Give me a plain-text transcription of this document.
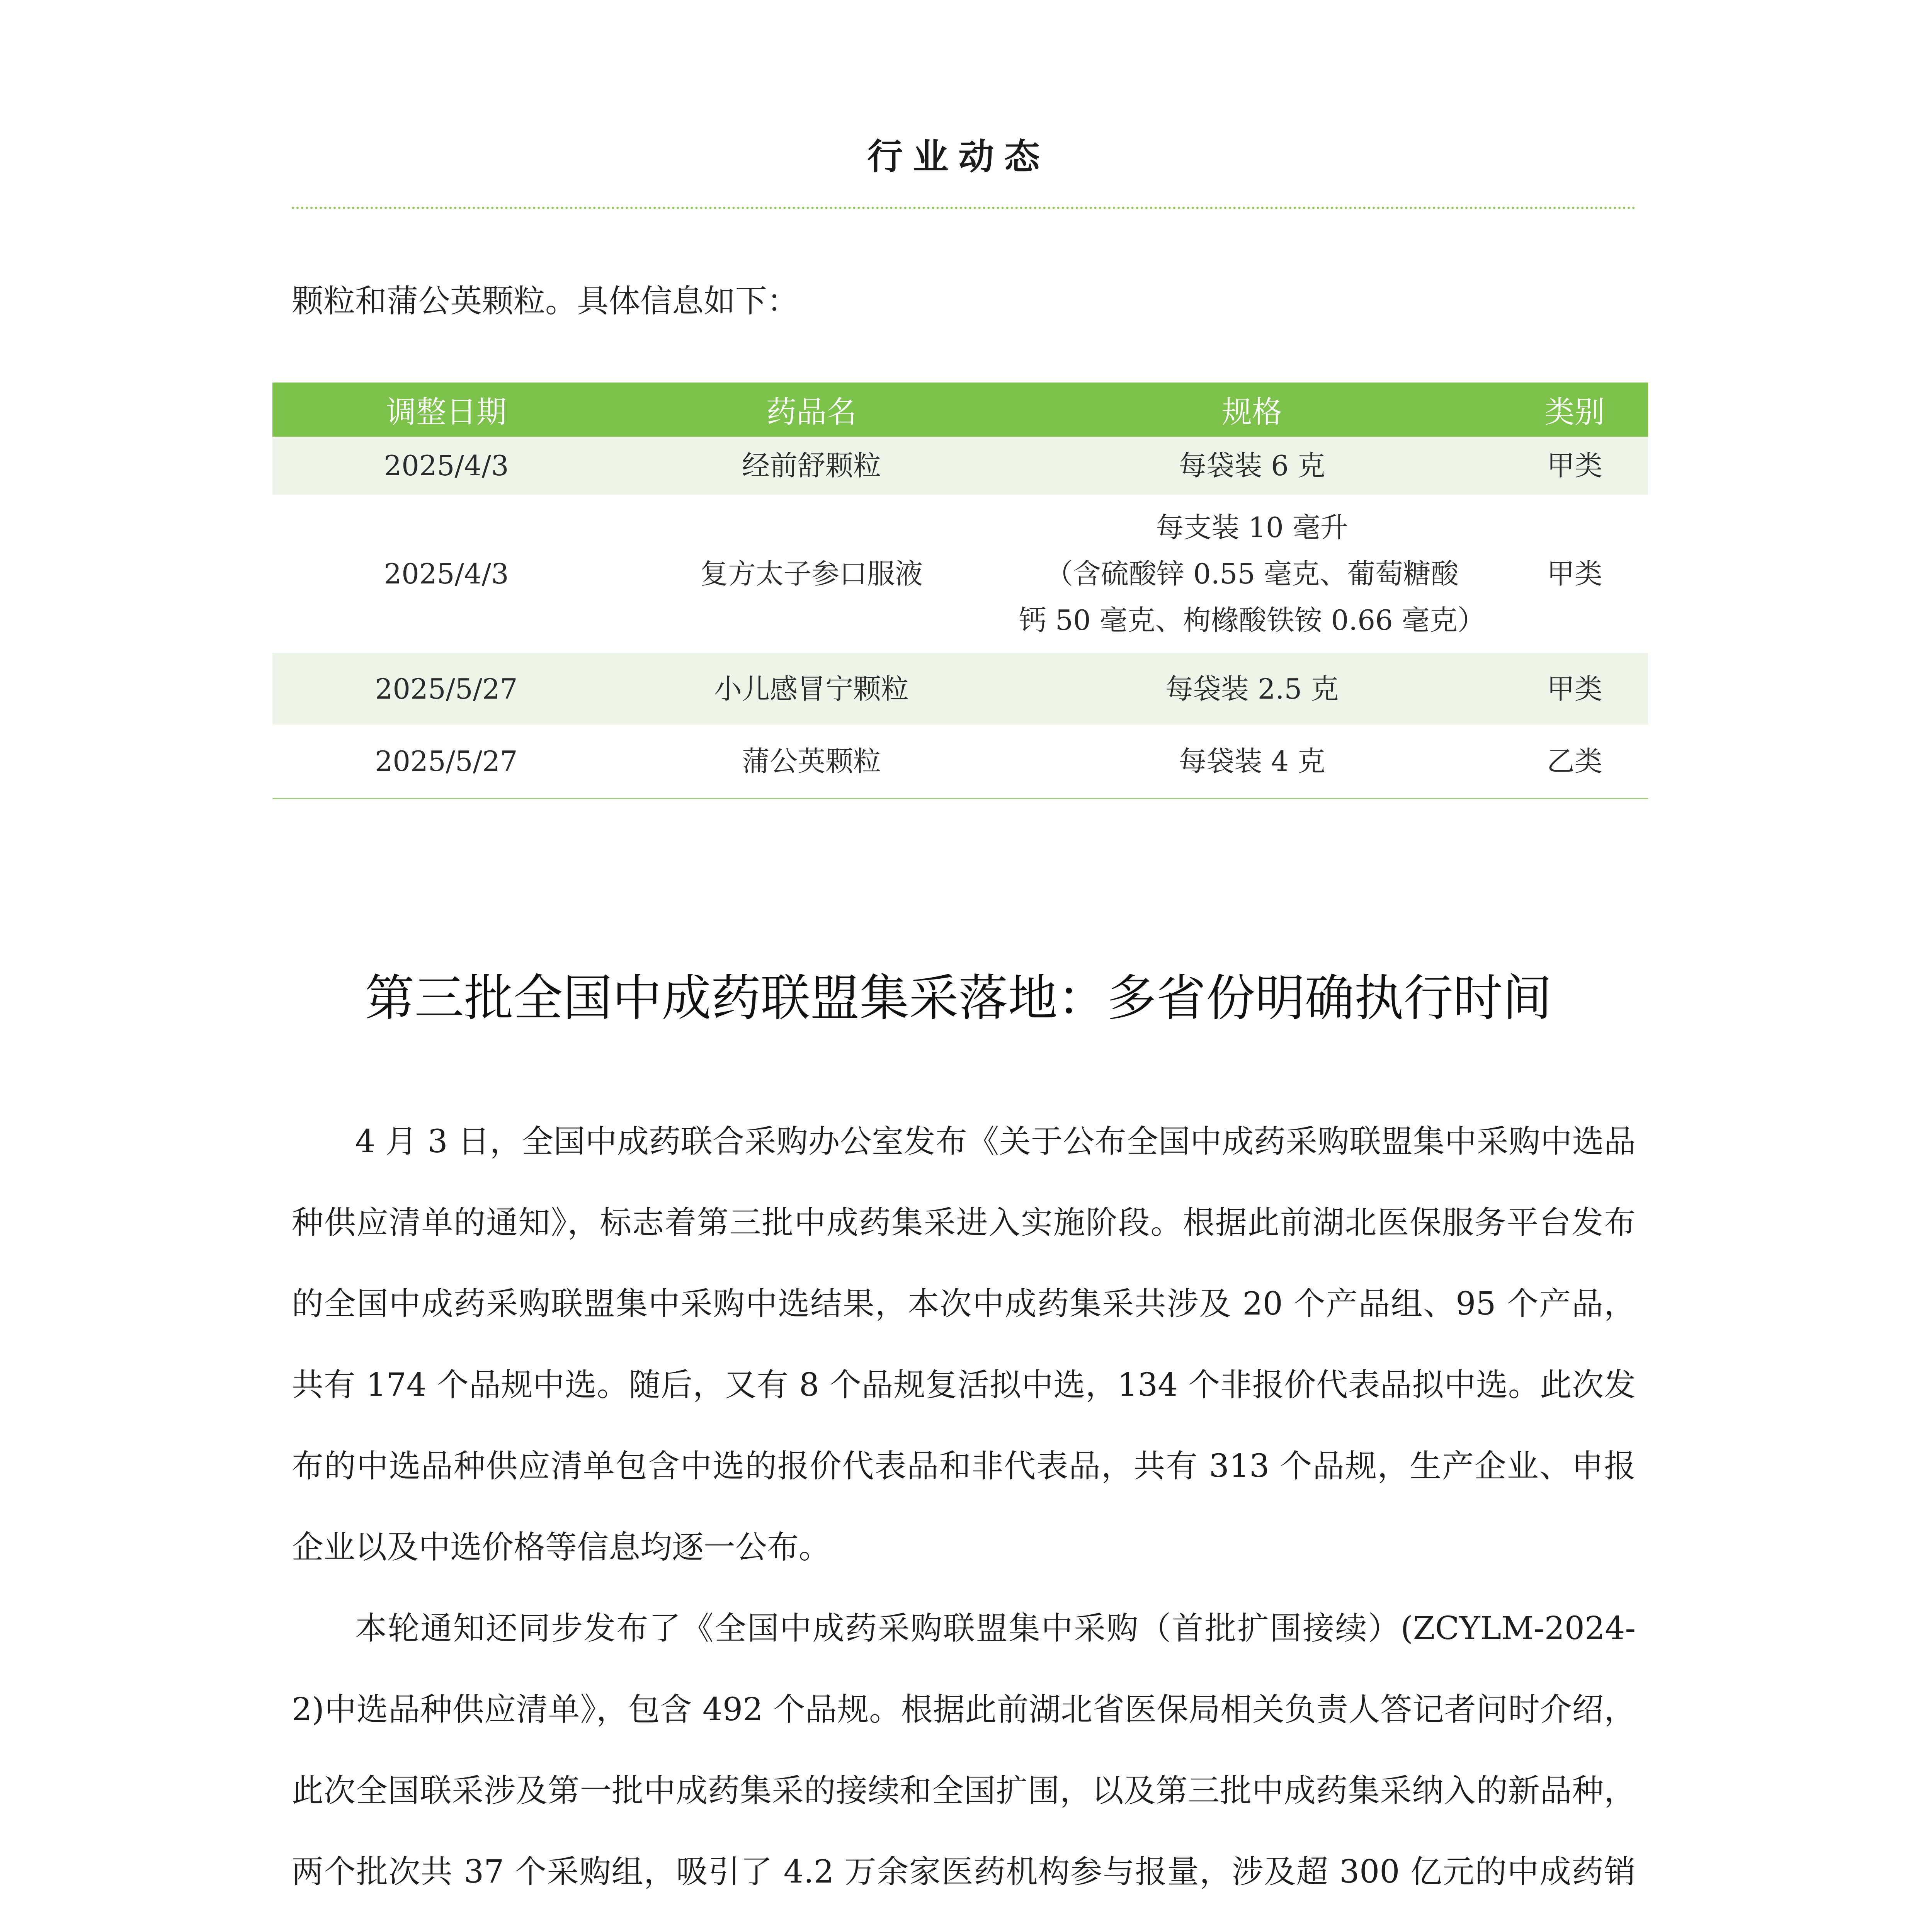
行业动态
颗粒和蒲公英颗粒。具体信息如下：
调整日期	药品名	规格	类别
2025/4/3	经前舒颗粒	每袋装 6 克	甲类
2025/4/3	复方太子参口服液	每支装 10 毫升
（含硫酸锌 0.55 毫克、葡萄糖酸
钙 50 毫克、枸橼酸铁铵 0.66 毫克）	甲类
2025/5/27	小儿感冒宁颗粒	每袋装 2.5 克	甲类
2025/5/27	蒲公英颗粒	每袋装 4 克	乙类
第三批全国中成药联盟集采落地：多省份明确执行时间

4 月 3 日，全国中成药联合采购办公室发布《关于公布全国中成药采购联盟集中采购中选品种供应清单的通知》，标志着第三批中成药集采进入实施阶段。根据此前湖北医保服务平台发布的全国中成药采购联盟集中采购中选结果，本次中成药集采共涉及 20 个产品组、95 个产品，共有 174 个品规中选。随后，又有 8 个品规复活拟中选，134 个非报价代表品拟中选。此次发布的中选品种供应清单包含中选的报价代表品和非代表品，共有 313 个品规，生产企业、申报企业以及中选价格等信息均逐一公布。

本轮通知还同步发布了《全国中成药采购联盟集中采购（首批扩围接续）(ZCYLM-2024-2)中选品种供应清单》，包含 492 个品规。根据此前湖北省医保局相关负责人答记者问时介绍，此次全国联采涉及第一批中成药集采的接续和全国扩围，以及第三批中成药集采纳入的新品种，两个批次共 37 个采购组，吸引了 4.2 万余家医药机构参与报量，涉及超 300 亿元的中成药销
